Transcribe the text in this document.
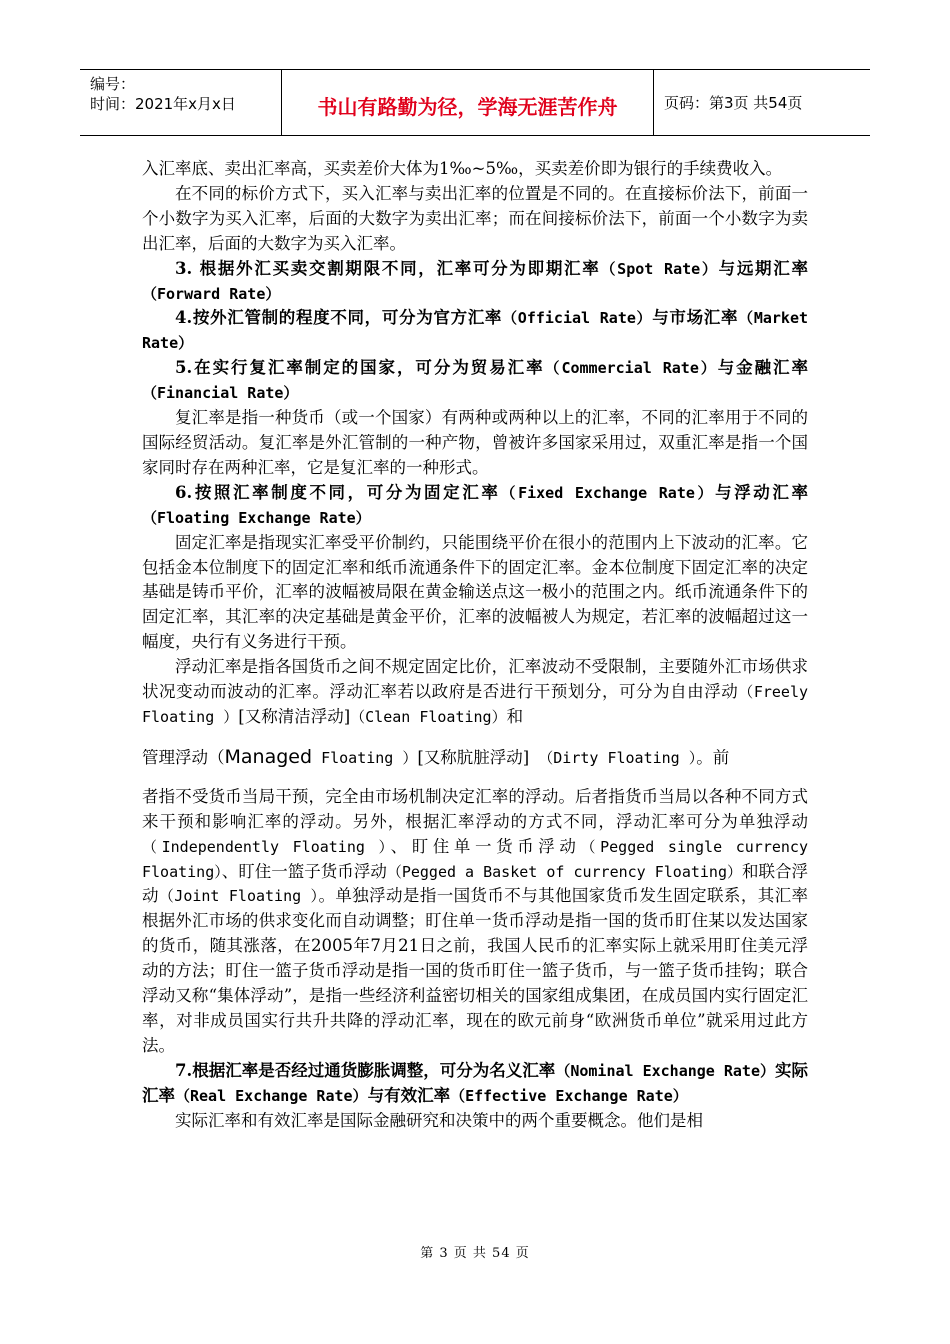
编号：
时间：2021年x月x日	书山有路勤为径，学海无涯苦作舟	页码：第3页 共54页

入汇率底、卖出汇率高，买卖差价大体为1‰~5‰，买卖差价即为银行的手续费收入。

在不同的标价方式下，买入汇率与卖出汇率的位置是不同的。在直接标价法下，前面一个小数字为买入汇率，后面的大数字为卖出汇率；而在间接标价法下，前面一个小数字为卖出汇率，后面的大数字为买入汇率。

3. 根据外汇买卖交割期限不同，汇率可分为即期汇率（Spot Rate）与远期汇率（Forward Rate）

4.按外汇管制的程度不同，可分为官方汇率（Official Rate）与市场汇率（Market Rate）

5.在实行复汇率制定的国家，可分为贸易汇率（Commercial Rate）与金融汇率（Financial Rate）

复汇率是指一种货币（或一个国家）有两种或两种以上的汇率，不同的汇率用于不同的国际经贸活动。复汇率是外汇管制的一种产物，曾被许多国家采用过，双重汇率是指一个国家同时存在两种汇率，它是复汇率的一种形式。

6.按照汇率制度不同，可分为固定汇率（Fixed Exchange Rate）与浮动汇率（Floating Exchange Rate）

固定汇率是指现实汇率受平价制约，只能围绕平价在很小的范围内上下波动的汇率。它包括金本位制度下的固定汇率和纸币流通条件下的固定汇率。金本位制度下固定汇率的决定基础是铸币平价，汇率的波幅被局限在黄金输送点这一极小的范围之内。纸币流通条件下的固定汇率，其汇率的决定基础是黄金平价，汇率的波幅被人为规定，若汇率的波幅超过这一幅度，央行有义务进行干预。

浮动汇率是指各国货币之间不规定固定比价，汇率波动不受限制，主要随外汇市场供求状况变动而波动的汇率。浮动汇率若以政府是否进行干预划分，可分为自由浮动（Freely Floating ）[又称清洁浮动]（Clean Floating）和

管理浮动（Managed Floating ）[又称肮脏浮动] （Dirty Floating ）。前

者指不受货币当局干预，完全由市场机制决定汇率的浮动。后者指货币当局以各种不同方式来干预和影响汇率的浮动。另外，根据汇率浮动的方式不同，浮动汇率可分为单独浮动（Independently Floating ）、盯住单一货币浮动（Pegged single currency Floating）、盯住一篮子货币浮动（Pegged a Basket of currency Floating）和联合浮动（Joint Floating ）。单独浮动是指一国货币不与其他国家货币发生固定联系，其汇率根据外汇市场的供求变化而自动调整；盯住单一货币浮动是指一国的货币盯住某以发达国家的货币，随其涨落，在2005年7月21日之前，我国人民币的汇率实际上就采用盯住美元浮动的方法；盯住一篮子货币浮动是指一国的货币盯住一篮子货币，与一篮子货币挂钩；联合浮动又称“集体浮动”，是指一些经济利益密切相关的国家组成集团，在成员国内实行固定汇率，对非成员国实行共升共降的浮动汇率，现在的欧元前身“欧洲货币单位”就采用过此方法。

7.根据汇率是否经过通货膨胀调整，可分为名义汇率（Nominal Exchange Rate）实际汇率（Real Exchange Rate）与有效汇率（Effective Exchange Rate）

实际汇率和有效汇率是国际金融研究和决策中的两个重要概念。他们是相

第 3 页 共 54 页
